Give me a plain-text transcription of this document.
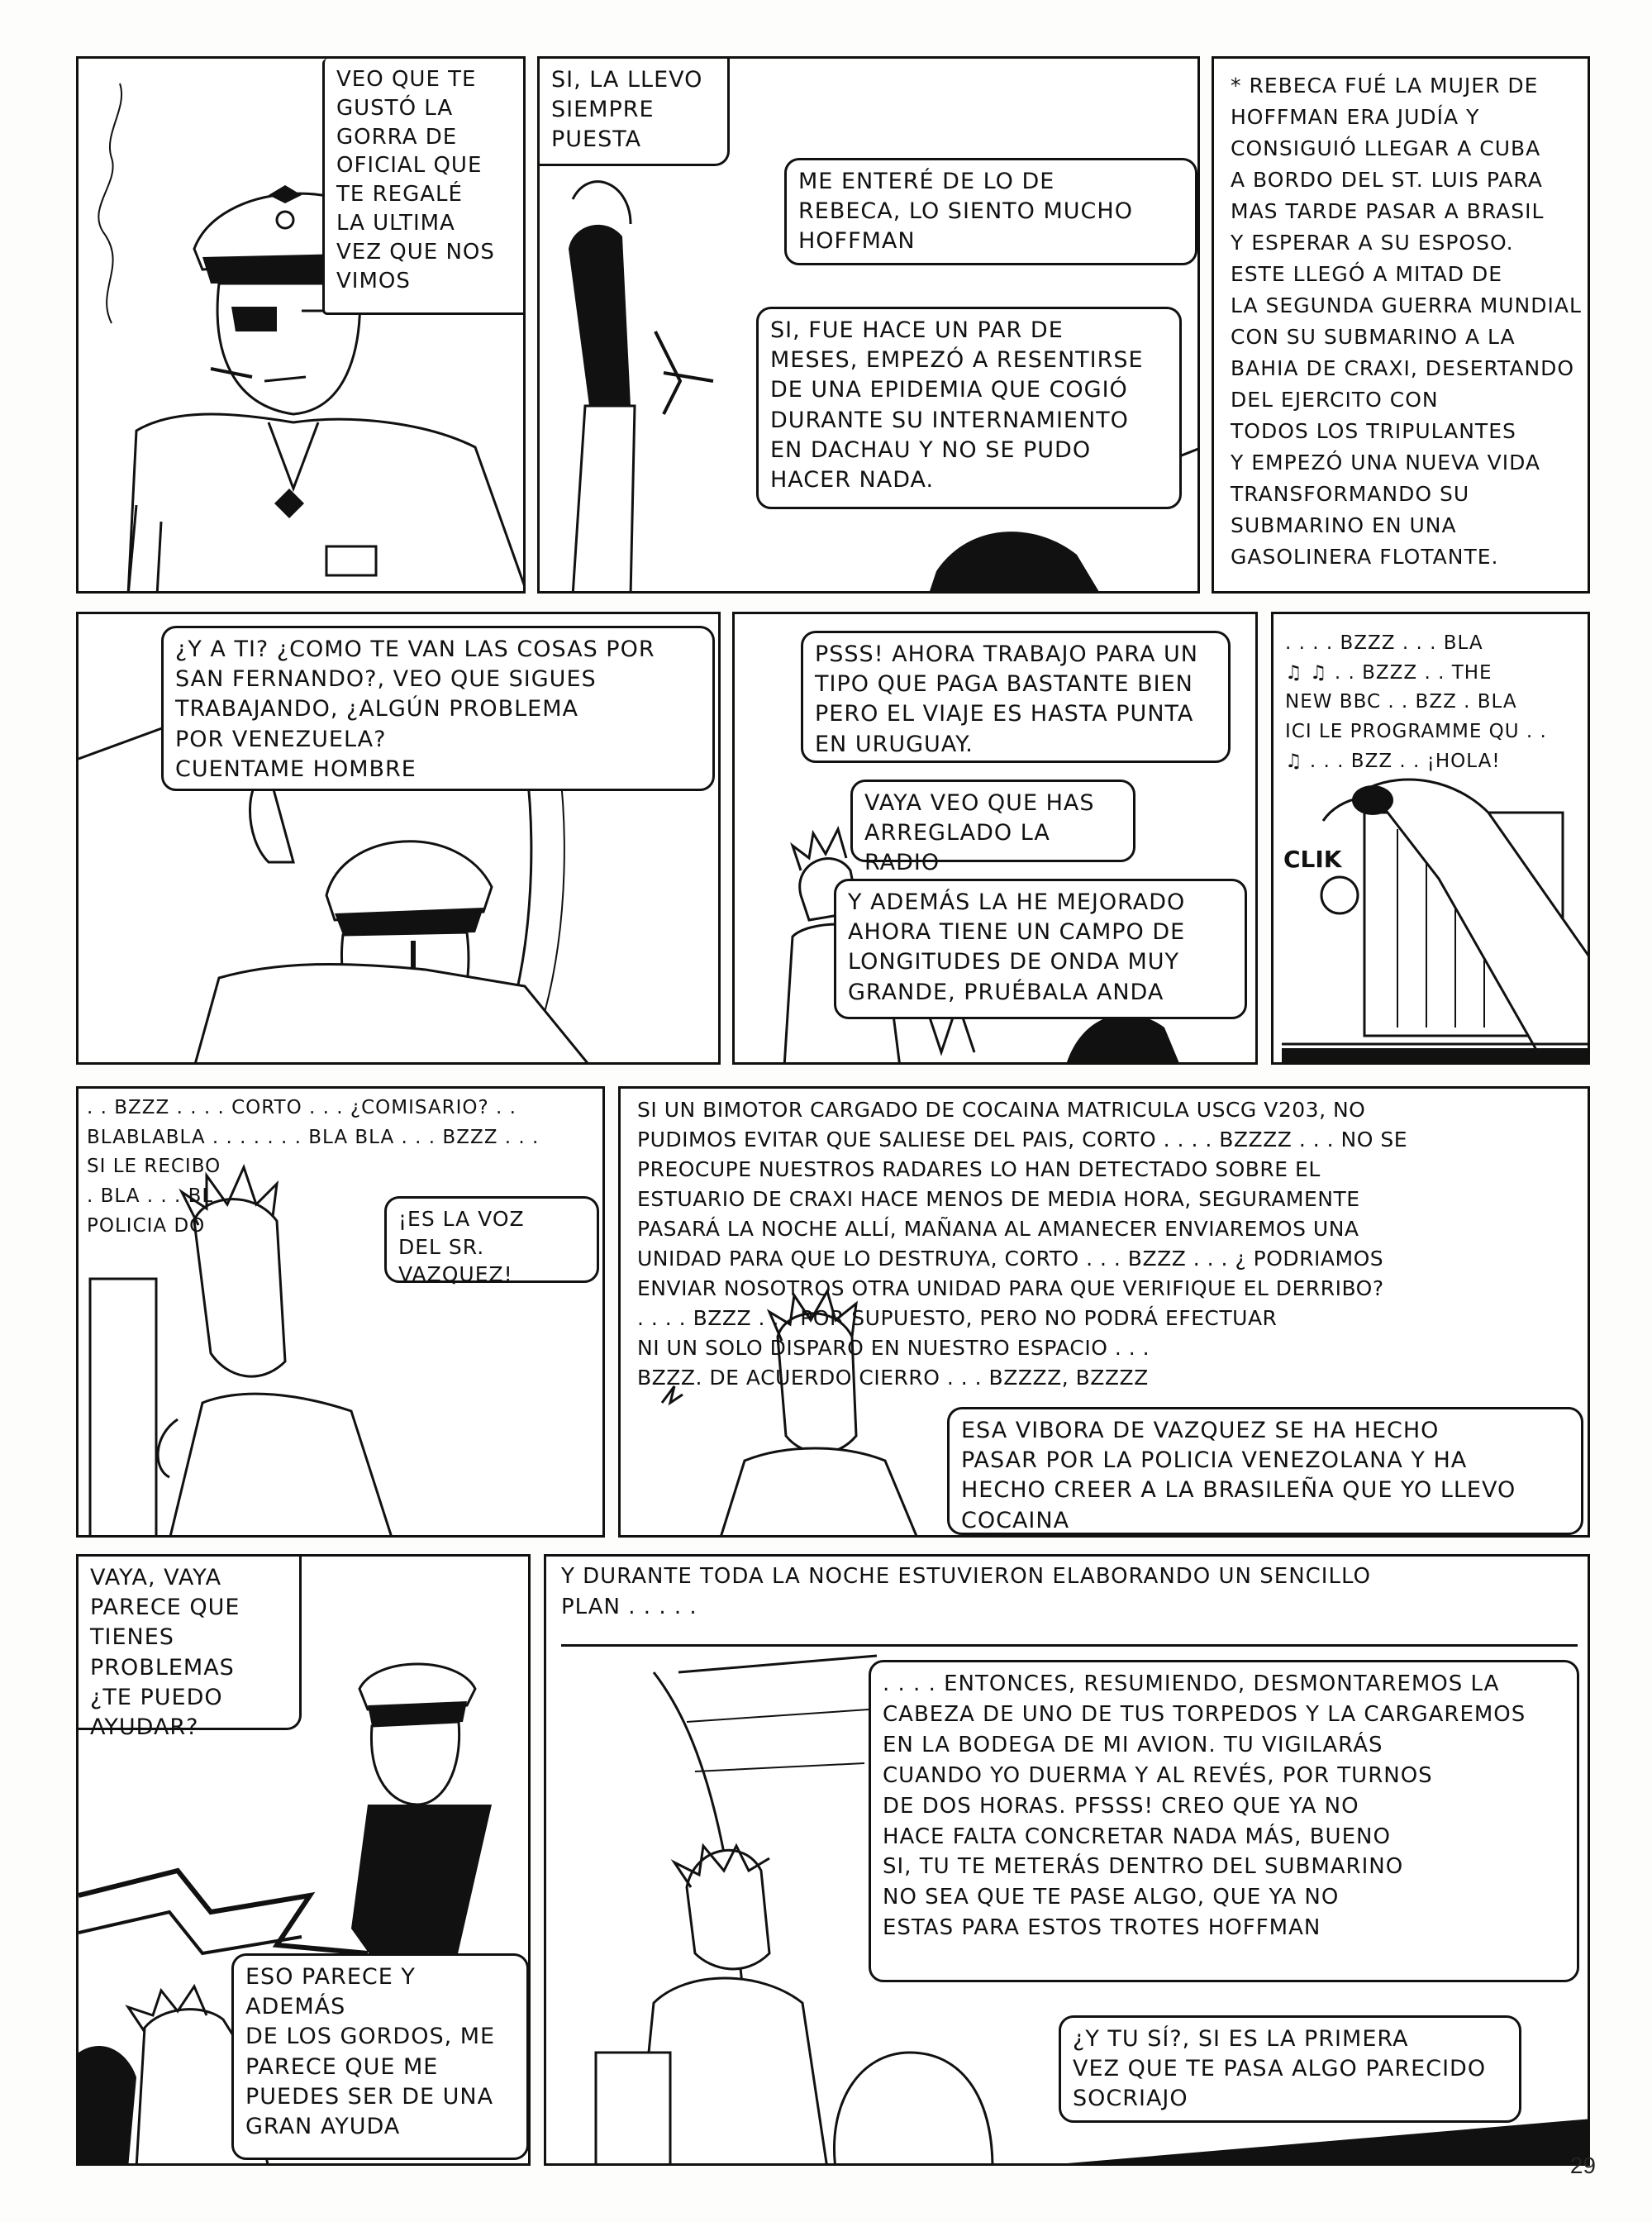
VEO QUE TE
GUSTÓ LA
GORRA DE
OFICIAL QUE
TE REGALÉ
LA ULTIMA
VEZ QUE NOS
VIMOS
SI, LA LLEVO
SIEMPRE
PUESTA
ME ENTERÉ DE LO DE
REBECA, LO SIENTO MUCHO
HOFFMAN
SI, FUE HACE UN PAR DE
MESES, EMPEZÓ A RESENTIRSE
DE UNA EPIDEMIA QUE COGIÓ
DURANTE SU INTERNAMIENTO
EN DACHAU Y NO SE PUDO
HACER NADA.
* REBECA FUÉ LA MUJER DE
HOFFMAN ERA JUDÍA Y
CONSIGUIÓ LLEGAR A CUBA
A BORDO DEL ST. LUIS PARA
MAS TARDE PASAR A BRASIL
Y ESPERAR A SU ESPOSO.
ESTE LLEGÓ A MITAD DE
LA SEGUNDA GUERRA MUNDIAL
CON SU SUBMARINO A LA
BAHIA DE CRAXI, DESERTANDO
DEL EJERCITO CON
TODOS LOS TRIPULANTES
Y EMPEZÓ UNA NUEVA VIDA
TRANSFORMANDO SU
SUBMARINO EN UNA
GASOLINERA FLOTANTE.
¿Y A TI? ¿COMO TE VAN LAS COSAS POR
SAN FERNANDO?, VEO QUE SIGUES
TRABAJANDO, ¿ALGÚN PROBLEMA
POR VENEZUELA?
CUENTAME HOMBRE
PSSS! AHORA TRABAJO PARA UN
TIPO QUE PAGA BASTANTE BIEN
PERO EL VIAJE ES HASTA PUNTA
EN URUGUAY.
VAYA VEO QUE HAS
ARREGLADO LA RADIO
Y ADEMÁS LA HE MEJORADO
AHORA TIENE UN CAMPO DE
LONGITUDES DE ONDA MUY
GRANDE, PRUÉBALA ANDA
. . . . BZZZ . . . BLA
♫ ♫ . . BZZZ . . THE
NEW BBC . . BZZ . BLA
ICI LE PROGRAMME QU . .
♫ . . . BZZ . . ¡HOLA!
CLIK
. . BZZZ . . . . CORTO . . . ¿COMISARIO? . .
BLABLABLA . . . . . . . BLA BLA . . . BZZZ . . .
SI LE RECIBO
. BLA . . . BL
POLICIA DO	¡ES LA VOZ
DEL SR. VAZQUEZ!
SI UN BIMOTOR CARGADO DE COCAINA MATRICULA USCG V203, NO
PUDIMOS EVITAR QUE SALIESE DEL PAIS, CORTO . . . . BZZZZ . . . NO SE
PREOCUPE NUESTROS RADARES LO HAN DETECTADO SOBRE EL
ESTUARIO DE CRAXI HACE MENOS DE MEDIA HORA, SEGURAMENTE
PASARÁ LA NOCHE ALLÍ, MAÑANA AL AMANECER ENVIAREMOS UNA
UNIDAD PARA QUE LO DESTRUYA, CORTO . . . BZZZ . . . ¿ PODRIAMOS
ENVIAR NOSOTROS OTRA UNIDAD PARA QUE VERIFIQUE EL DERRIBO?
. . . . BZZZ . . . POR SUPUESTO, PERO NO PODRÁ EFECTUAR
NI UN SOLO DISPARO EN NUESTRO ESPACIO . . .
BZZZ. DE ACUERDO CIERRO . . . BZZZZ, BZZZZ
ESA VIBORA DE VAZQUEZ SE HA HECHO
PASAR POR LA POLICIA VENEZOLANA Y HA
HECHO CREER A LA BRASILEÑA QUE YO LLEVO
COCAINA
VAYA, VAYA
PARECE QUE
TIENES PROBLEMAS
¿TE PUEDO
AYUDAR?
ESO PARECE Y ADEMÁS
DE LOS GORDOS, ME
PARECE QUE ME
PUEDES SER DE UNA
GRAN AYUDA
Y DURANTE TODA LA NOCHE ESTUVIERON ELABORANDO UN SENCILLO
PLAN . . . . .
. . . . ENTONCES, RESUMIENDO, DESMONTAREMOS LA
CABEZA DE UNO DE TUS TORPEDOS Y LA CARGAREMOS
EN LA BODEGA DE MI AVION. TU VIGILARÁS
CUANDO YO DUERMA Y AL REVÉS, POR TURNOS
DE DOS HORAS. PFSSS! CREO QUE YA NO
HACE FALTA CONCRETAR NADA MÁS, BUENO
SI, TU TE METERÁS DENTRO DEL SUBMARINO
NO SEA QUE TE PASE ALGO, QUE YA NO
ESTAS PARA ESTOS TROTES HOFFMAN
¿Y TU SÍ?, SI ES LA PRIMERA
VEZ QUE TE PASA ALGO PARECIDO
SOCRIAJO
29
